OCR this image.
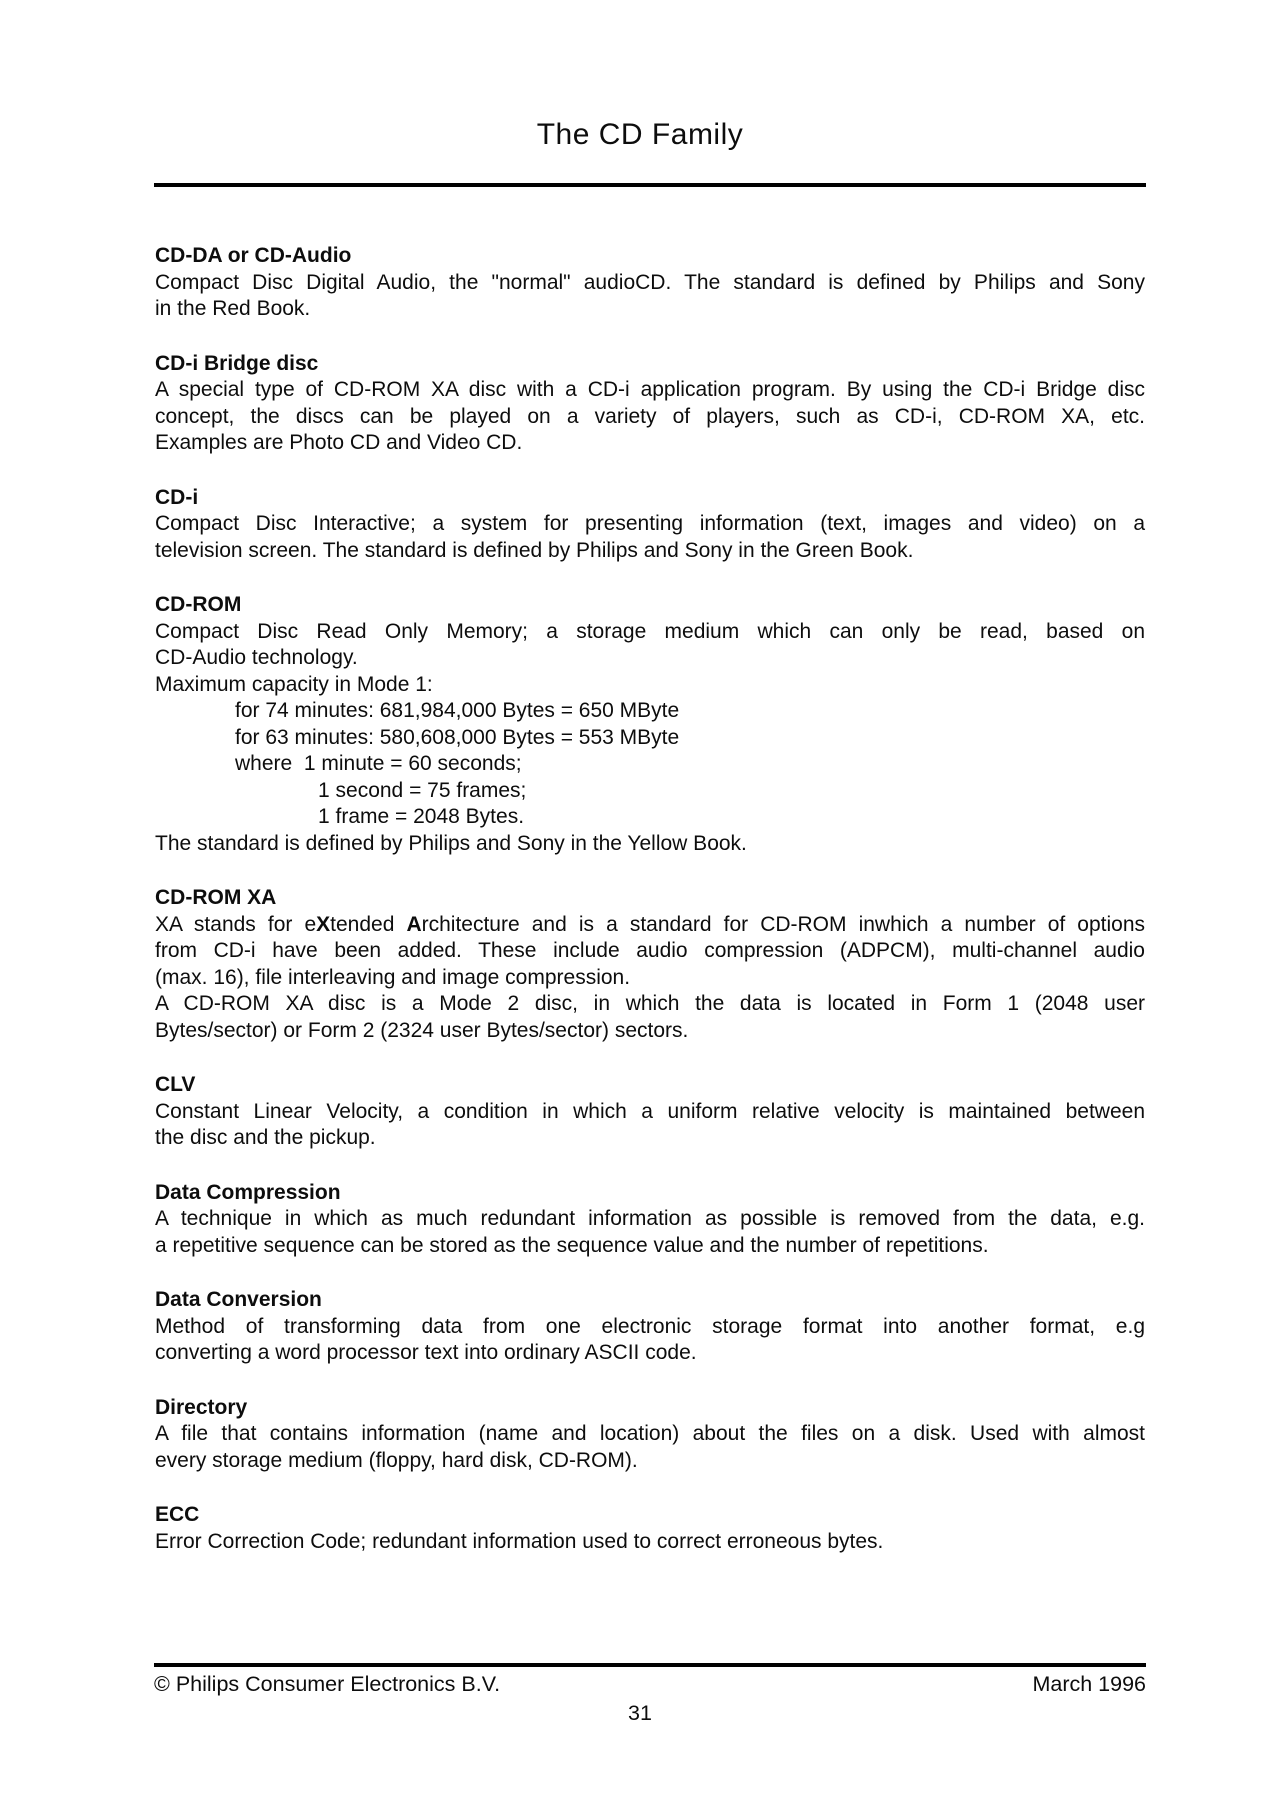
The CD Family
CD-DA or CD-Audio
Compact Disc Digital Audio, the "normal" audioCD. The standard is defined by Philips and Sony
in the Red Book.
CD-i Bridge disc
A special type of CD-ROM XA disc with a CD-i application program. By using the CD-i Bridge disc
concept, the discs can be played on a variety of players, such as CD-i, CD-ROM XA, etc.
Examples are Photo CD and Video CD.
CD-i
Compact Disc Interactive; a system for presenting information (text, images and video) on a
television screen. The standard is defined by Philips and Sony in the Green Book.
CD-ROM
Compact Disc Read Only Memory; a storage medium which can only be read, based on
CD-Audio technology.
Maximum capacity in Mode 1:
for 74 minutes: 681,984,000 Bytes = 650 MByte
for 63 minutes: 580,608,000 Bytes = 553 MByte
where  1 minute = 60 seconds;
1 second = 75 frames;
1 frame = 2048 Bytes.
The standard is defined by Philips and Sony in the Yellow Book.
CD-ROM XA
XA stands for eXtended Architecture and is a standard for CD-ROM inwhich a number of options
from CD-i have been added. These include audio compression (ADPCM), multi-channel audio
(max. 16), file interleaving and image compression.
A CD-ROM XA disc is a Mode 2 disc, in which the data is located in Form 1 (2048 user
Bytes/sector) or Form 2 (2324 user Bytes/sector) sectors.
CLV
Constant Linear Velocity, a condition in which a uniform relative velocity is maintained between
the disc and the pickup.
Data Compression
A technique in which as much redundant information as possible is removed from the data, e.g.
a repetitive sequence can be stored as the sequence value and the number of repetitions.
Data Conversion
Method of transforming data from one electronic storage format into another format, e.g
converting a word processor text into ordinary ASCII code.
Directory
A file that contains information (name and location) about the files on a disk. Used with almost
every storage medium (floppy, hard disk, CD-ROM).
ECC
Error Correction Code; redundant information used to correct erroneous bytes.
© Philips Consumer Electronics B.V.	March 1996
31
